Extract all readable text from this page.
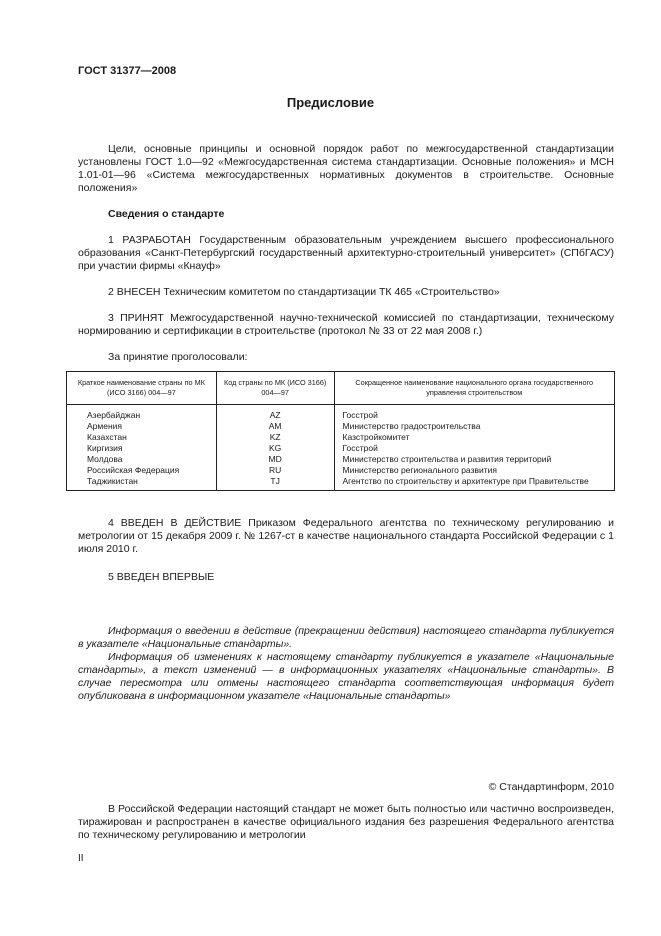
ГОСТ 31377—2008
Предисловие

Цели, основные принципы и основной порядок работ по межгосударственной стандартизации установлены ГОСТ 1.0—92 «Межгосударственная система стандартизации. Основные положения» и МСН 1.01-01—96 «Система межгосударственных нормативных документов в строительстве. Основные положения»

Сведения о стандарте

1 РАЗРАБОТАН Государственным образовательным учреждением высшего профессионального образования «Санкт-Петербургский государственный архитектурно-строительный университет» (СПбГАСУ) при участии фирмы «Кнауф»

2 ВНЕСЕН Техническим комитетом по стандартизации ТК 465 «Строительство»

3 ПРИНЯТ Межгосударственной научно-технической комиссией по стандартизации, техническому нормированию и сертификации в строительстве (протокол № 33 от 22 мая 2008 г.)

За принятие проголосовали:
Краткое наименование страны по МК (ИСО 3166) 004—97	Код страны по МК (ИСО 3166) 004—97	Сокращенное наименование национального органа государственного управления строительством
Азербайджан	AZ	Госстрой
Армения	AM	Министерство градостроительства
Казахстан	KZ	Казстройкомитет
Киргизия	KG	Госстрой
Молдова	MD	Министерство строительства и развития территорий
Российская Федерация	RU	Министерство регионального развития
Таджикистан	TJ	Агентство по строительству и архитектуре при Правительстве

4 ВВЕДЕН В ДЕЙСТВИЕ Приказом Федерального агентства по техническому регулированию и метрологии от 15 декабря 2009 г. № 1267-ст в качестве национального стандарта Российской Федерации с 1 июля 2010 г.

5 ВВЕДЕН ВПЕРВЫЕ

Информация о введении в действие (прекращении действия) настоящего стандарта публикуется в указателе «Национальные стандарты».

Информация об изменениях к настоящему стандарту публикуется в указателе «Национальные стандарты», а текст изменений — в информационных указателях «Национальные стандарты». В случае пересмотра или отмены настоящего стандарта соответствующая информация будет опубликована в информационном указателе «Национальные стандарты»

© Стандартинформ, 2010

В Российской Федерации настоящий стандарт не может быть полностью или частично воспроизведен, тиражирован и распространен в качестве официального издания без разрешения Федерального агентства по техническому регулированию и метрологии

II
